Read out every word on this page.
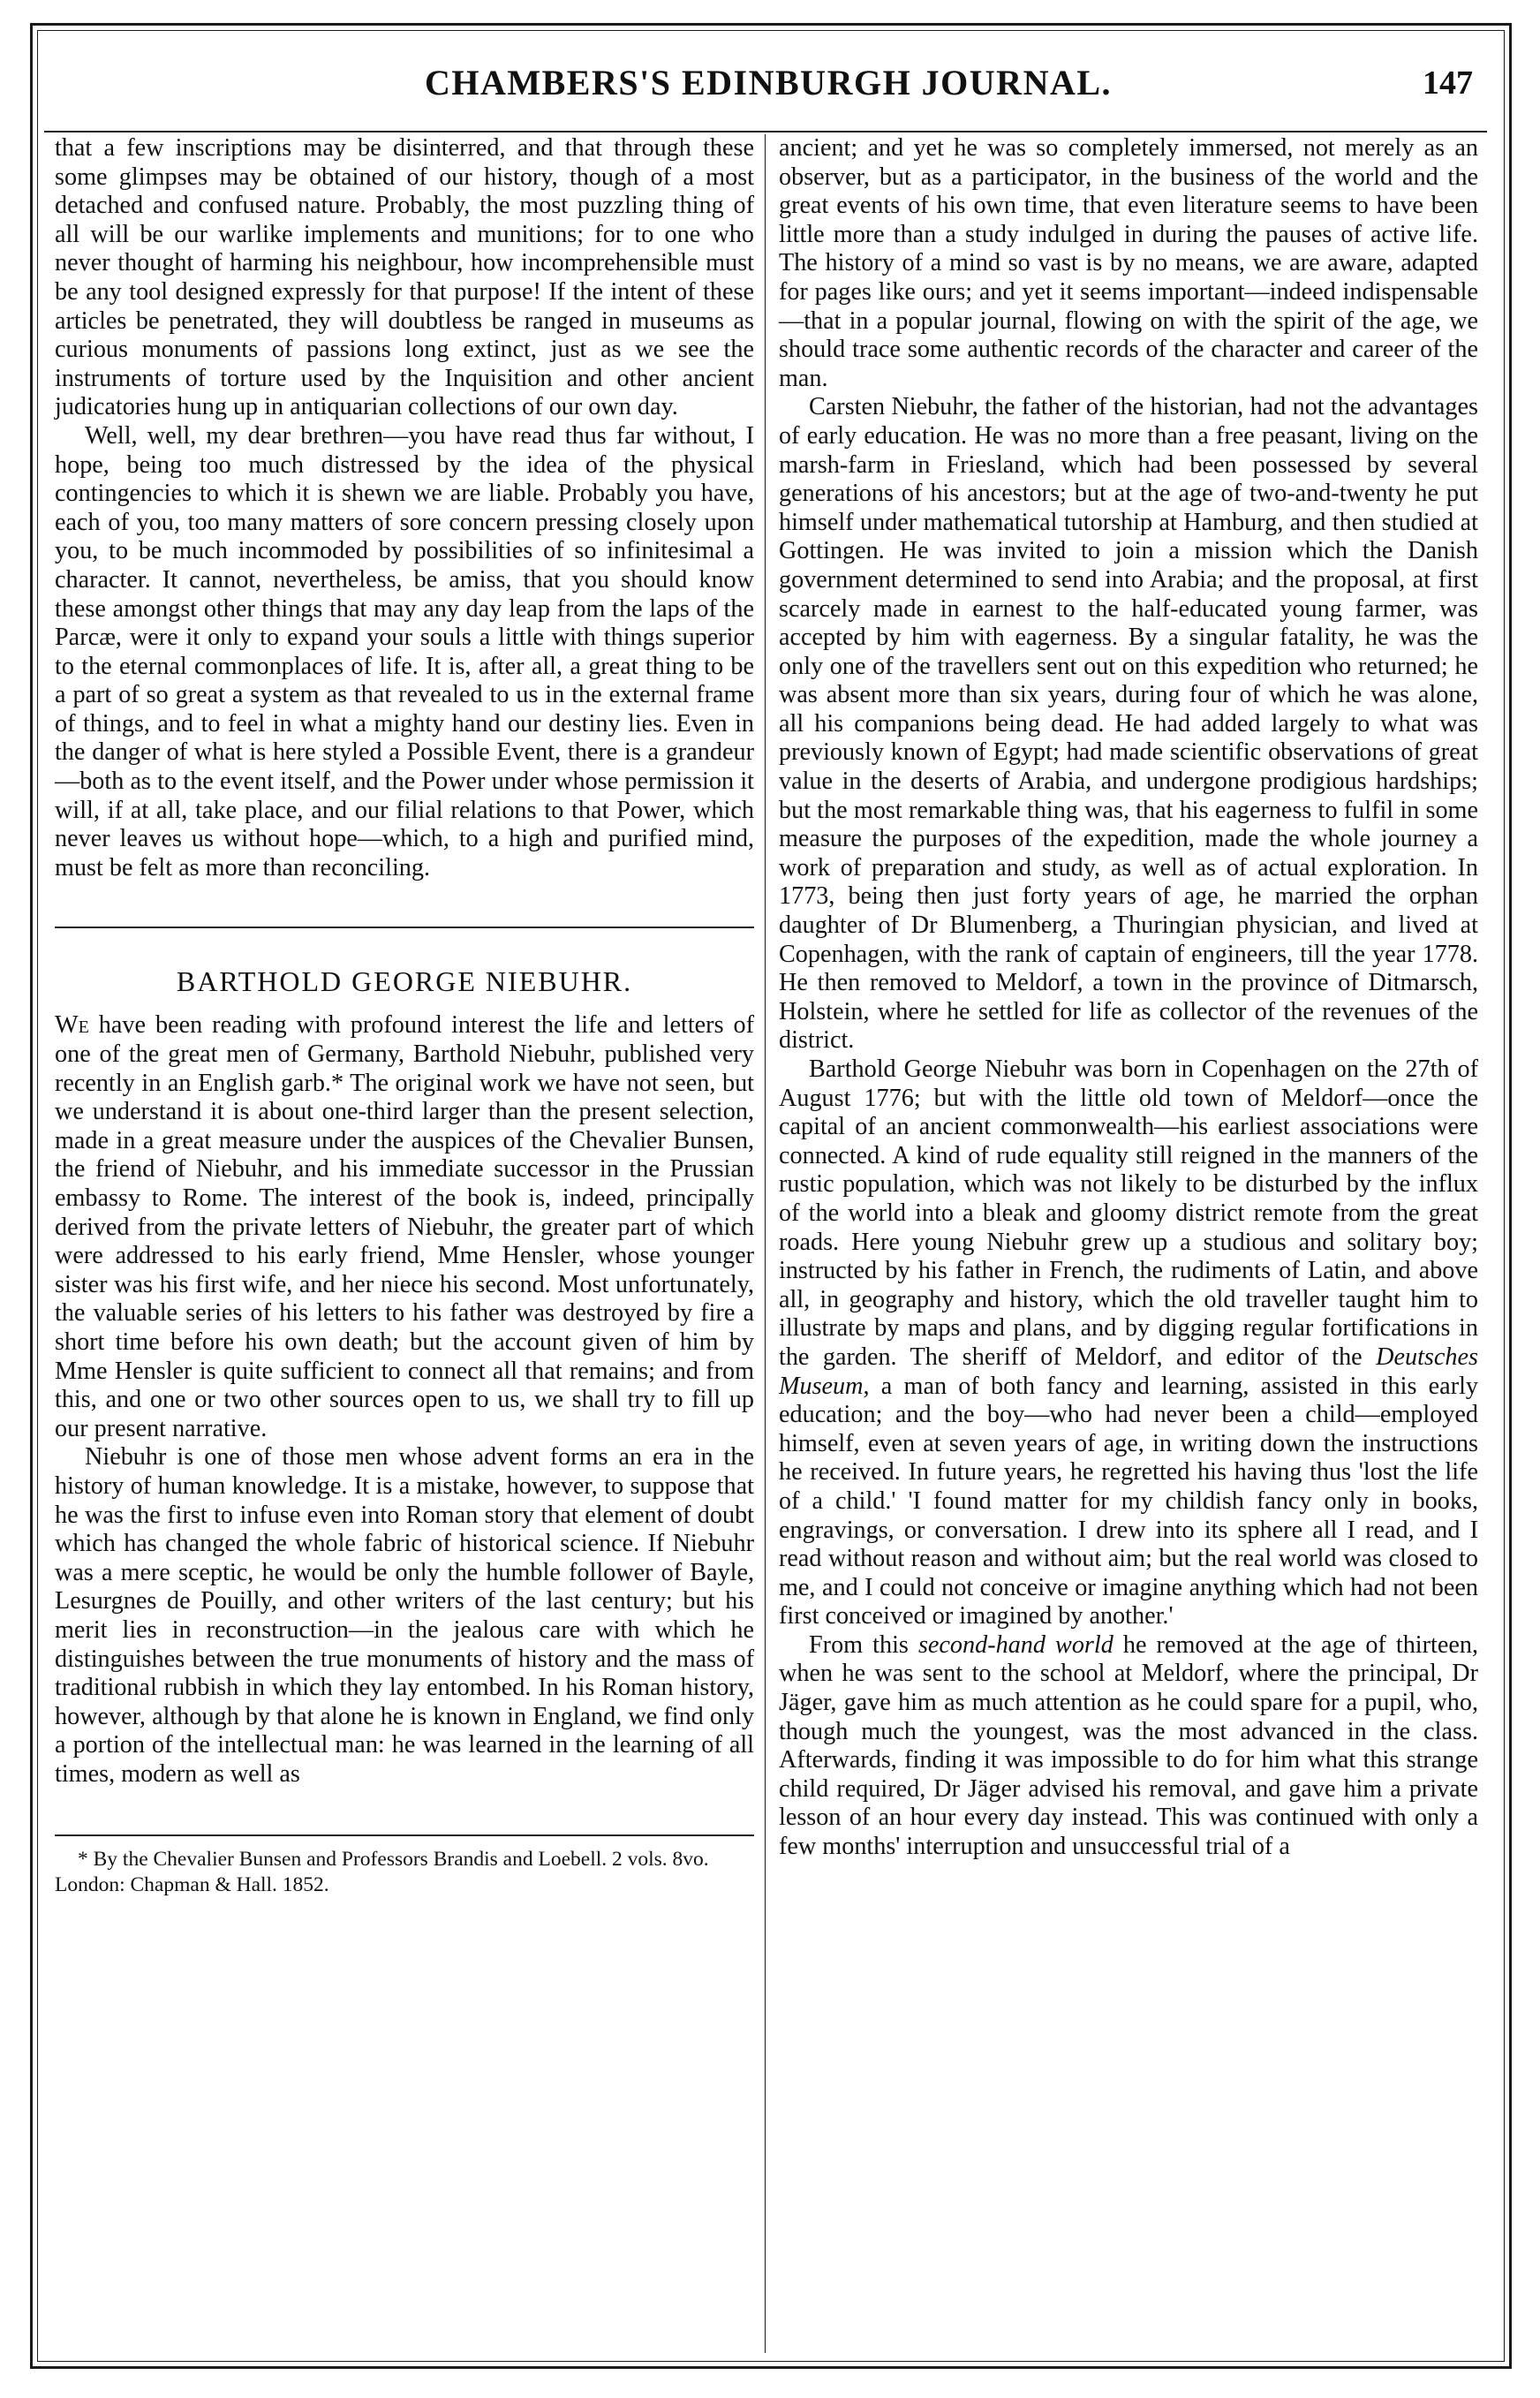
CHAMBERS'S EDINBURGH JOURNAL.	147

that a few inscriptions may be disinterred, and that through these some glimpses may be obtained of our history, though of a most detached and confused nature. Probably, the most puzzling thing of all will be our warlike implements and munitions; for to one who never thought of harming his neighbour, how incomprehensible must be any tool designed expressly for that purpose! If the intent of these articles be penetrated, they will doubtless be ranged in museums as curious monuments of passions long extinct, just as we see the instruments of torture used by the Inquisition and other ancient judicatories hung up in antiquarian collections of our own day.

Well, well, my dear brethren—you have read thus far without, I hope, being too much distressed by the idea of the physical contingencies to which it is shewn we are liable. Probably you have, each of you, too many matters of sore concern pressing closely upon you, to be much incommoded by possibilities of so infinitesimal a character. It cannot, nevertheless, be amiss, that you should know these amongst other things that may any day leap from the laps of the Parcæ, were it only to expand your souls a little with things superior to the eternal commonplaces of life. It is, after all, a great thing to be a part of so great a system as that revealed to us in the external frame of things, and to feel in what a mighty hand our destiny lies. Even in the danger of what is here styled a Possible Event, there is a grandeur—both as to the event itself, and the Power under whose permission it will, if at all, take place, and our filial relations to that Power, which never leaves us without hope—which, to a high and purified mind, must be felt as more than reconciling.

BARTHOLD GEORGE NIEBUHR.

We have been reading with profound interest the life and letters of one of the great men of Germany, Barthold Niebuhr, published very recently in an English garb.* The original work we have not seen, but we understand it is about one-third larger than the present selection, made in a great measure under the auspices of the Chevalier Bunsen, the friend of Niebuhr, and his immediate successor in the Prussian embassy to Rome. The interest of the book is, indeed, principally derived from the private letters of Niebuhr, the greater part of which were addressed to his early friend, Mme Hensler, whose younger sister was his first wife, and her niece his second. Most unfortunately, the valuable series of his letters to his father was destroyed by fire a short time before his own death; but the account given of him by Mme Hensler is quite sufficient to connect all that remains; and from this, and one or two other sources open to us, we shall try to fill up our present narrative.

Niebuhr is one of those men whose advent forms an era in the history of human knowledge. It is a mistake, however, to suppose that he was the first to infuse even into Roman story that element of doubt which has changed the whole fabric of historical science. If Niebuhr was a mere sceptic, he would be only the humble follower of Bayle, Lesurgnes de Pouilly, and other writers of the last century; but his merit lies in reconstruction—in the jealous care with which he distinguishes between the true monuments of history and the mass of traditional rubbish in which they lay entombed. In his Roman history, however, although by that alone he is known in England, we find only a portion of the intellectual man: he was learned in the learning of all times, modern as well as

* By the Chevalier Bunsen and Professors Brandis and Loebell. 2 vols. 8vo. London: Chapman & Hall. 1852.

ancient; and yet he was so completely immersed, not merely as an observer, but as a participator, in the business of the world and the great events of his own time, that even literature seems to have been little more than a study indulged in during the pauses of active life. The history of a mind so vast is by no means, we are aware, adapted for pages like ours; and yet it seems important—indeed indispensable—that in a popular journal, flowing on with the spirit of the age, we should trace some authentic records of the character and career of the man.

Carsten Niebuhr, the father of the historian, had not the advantages of early education. He was no more than a free peasant, living on the marsh-farm in Friesland, which had been possessed by several generations of his ancestors; but at the age of two-and-twenty he put himself under mathematical tutorship at Hamburg, and then studied at Gottingen. He was invited to join a mission which the Danish government determined to send into Arabia; and the proposal, at first scarcely made in earnest to the half-educated young farmer, was accepted by him with eagerness. By a singular fatality, he was the only one of the travellers sent out on this expedition who returned; he was absent more than six years, during four of which he was alone, all his companions being dead. He had added largely to what was previously known of Egypt; had made scientific observations of great value in the deserts of Arabia, and undergone prodigious hardships; but the most remarkable thing was, that his eagerness to fulfil in some measure the purposes of the expedition, made the whole journey a work of preparation and study, as well as of actual exploration. In 1773, being then just forty years of age, he married the orphan daughter of Dr Blumenberg, a Thuringian physician, and lived at Copenhagen, with the rank of captain of engineers, till the year 1778. He then removed to Meldorf, a town in the province of Ditmarsch, Holstein, where he settled for life as collector of the revenues of the district.

Barthold George Niebuhr was born in Copenhagen on the 27th of August 1776; but with the little old town of Meldorf—once the capital of an ancient commonwealth—his earliest associations were connected. A kind of rude equality still reigned in the manners of the rustic population, which was not likely to be disturbed by the influx of the world into a bleak and gloomy district remote from the great roads. Here young Niebuhr grew up a studious and solitary boy; instructed by his father in French, the rudiments of Latin, and above all, in geography and history, which the old traveller taught him to illustrate by maps and plans, and by digging regular fortifications in the garden. The sheriff of Meldorf, and editor of the Deutsches Museum, a man of both fancy and learning, assisted in this early education; and the boy—who had never been a child—employed himself, even at seven years of age, in writing down the instructions he received. In future years, he regretted his having thus 'lost the life of a child.' 'I found matter for my childish fancy only in books, engravings, or conversation. I drew into its sphere all I read, and I read without reason and without aim; but the real world was closed to me, and I could not conceive or imagine anything which had not been first conceived or imagined by another.'

From this second-hand world he removed at the age of thirteen, when he was sent to the school at Meldorf, where the principal, Dr Jäger, gave him as much attention as he could spare for a pupil, who, though much the youngest, was the most advanced in the class. Afterwards, finding it was impossible to do for him what this strange child required, Dr Jäger advised his removal, and gave him a private lesson of an hour every day instead. This was continued with only a few months' interruption and unsuccessful trial of a
